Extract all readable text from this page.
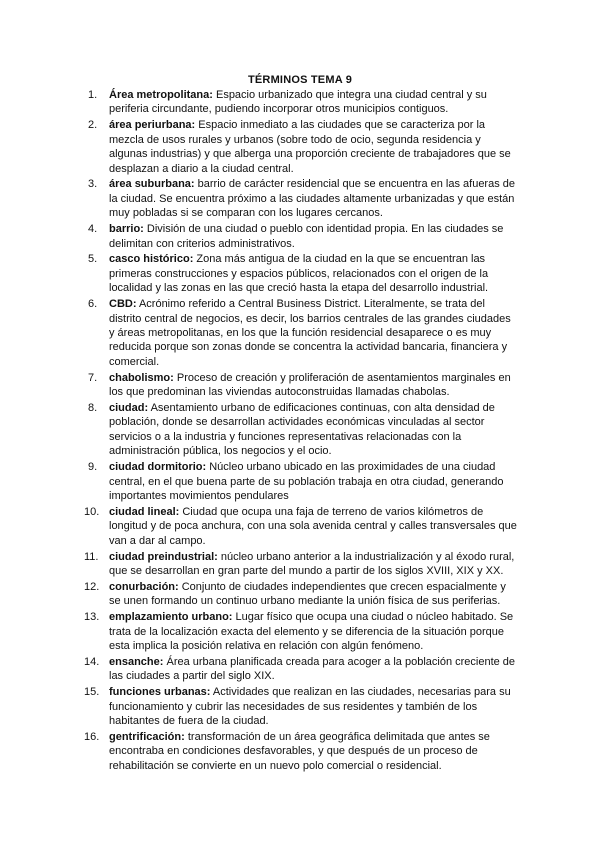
TÉRMINOS TEMA 9
1.	Área metropolitana: Espacio urbanizado que integra una ciudad central y su periferia circundante, pudiendo incorporar otros municipios contiguos.
2.	área periurbana: Espacio inmediato a las ciudades que se caracteriza por la mezcla de usos rurales y urbanos (sobre todo de ocio, segunda residencia y algunas industrias) y que alberga una proporción creciente de trabajadores que se desplazan a diario a la ciudad central.
3.	área suburbana: barrio de carácter residencial que se encuentra en las afueras de la ciudad. Se encuentra próximo a las ciudades altamente urbanizadas y que están muy pobladas si se comparan con los lugares cercanos.
4.	barrio: División de una ciudad o pueblo con identidad propia. En las ciudades se delimitan con criterios administrativos.
5.	casco histórico: Zona más antigua de la ciudad en la que se encuentran las primeras construcciones y espacios públicos, relacionados con el origen de la localidad y las zonas en las que creció hasta la etapa del desarrollo industrial.
6.	CBD: Acrónimo referido a Central Business District. Literalmente, se trata del distrito central de negocios, es decir, los barrios centrales de las grandes ciudades y áreas metropolitanas, en los que la función residencial desaparece o es muy reducida porque son zonas donde se concentra la actividad bancaria, financiera y comercial.
7.	chabolismo: Proceso de creación y proliferación de asentamientos marginales en los que predominan las viviendas autoconstruidas llamadas chabolas.
8.	ciudad: Asentamiento urbano de edificaciones continuas, con alta densidad de población, donde se desarrollan actividades económicas vinculadas al sector servicios o a la industria y funciones representativas relacionadas con la administración pública, los negocios y el ocio.
9.	ciudad dormitorio: Núcleo urbano ubicado en las proximidades de una ciudad central, en el que buena parte de su población trabaja en otra ciudad, generando importantes movimientos pendulares
10. ciudad lineal: Ciudad que ocupa una faja de terreno de varios kilómetros de longitud y de poca anchura, con una sola avenida central y calles transversales que van a dar al campo.
11. ciudad preindustrial: núcleo urbano anterior a la industrialización y al éxodo rural, que se desarrollan en gran parte del mundo a partir de los siglos XVIII, XIX y XX.
12. conurbación: Conjunto de ciudades independientes que crecen espacialmente y se unen formando un continuo urbano mediante la unión física de sus periferias.
13. emplazamiento urbano: Lugar físico que ocupa una ciudad o núcleo habitado. Se trata de la localización exacta del elemento y se diferencia de la situación porque esta implica la posición relativa en relación con algún fenómeno.
14. ensanche: Área urbana planificada creada para acoger a la población creciente de las ciudades a partir del siglo XIX.
15. funciones urbanas: Actividades que realizan en las ciudades, necesarias para su funcionamiento y cubrir las necesidades de sus residentes y también de los habitantes de fuera de la ciudad.
16. gentrificación: transformación de un área geográfica delimitada que antes se encontraba en condiciones desfavorables, y que después de un proceso de rehabilitación se convierte en un nuevo polo comercial o residencial.
